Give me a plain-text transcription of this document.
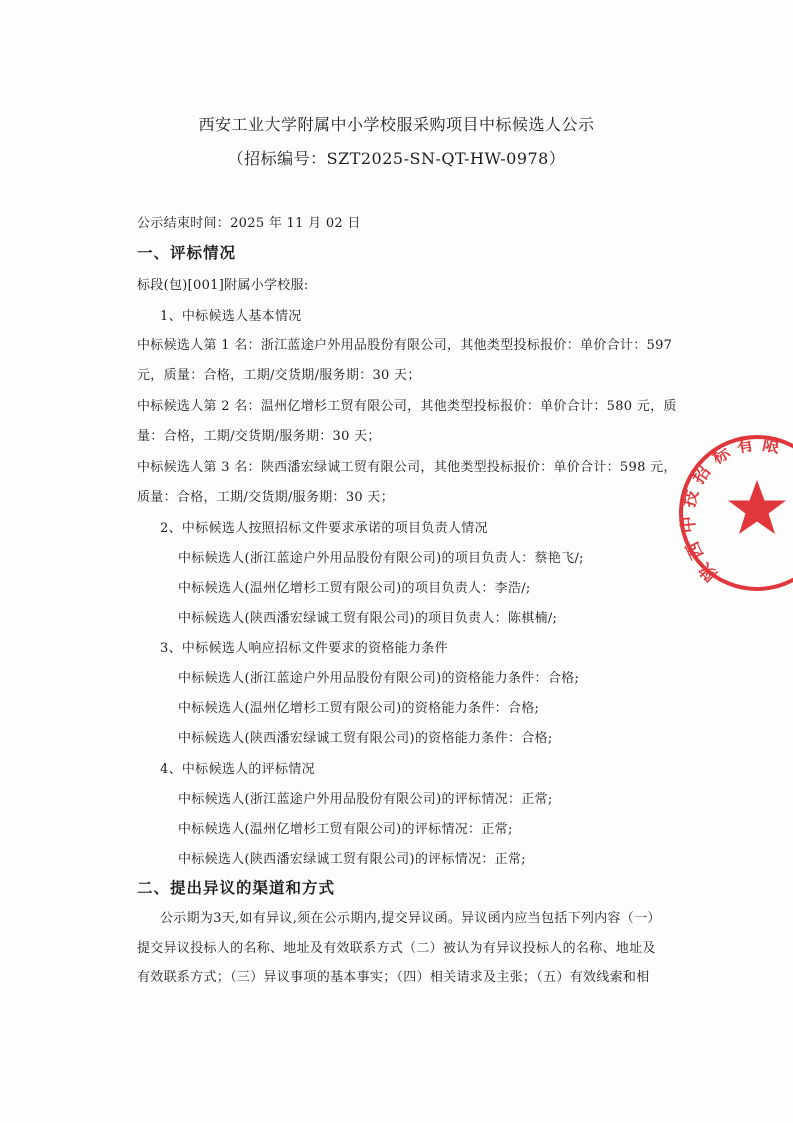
西安工业大学附属中小学校服采购项目中标候选人公示
（招标编号：SZT2025-SN-QT-HW-0978）
公示结束时间：2025 年 11 月 02 日
一、评标情况
标段(包)[001]附属小学校服:
1、中标候选人基本情况
中标候选人第 1 名：浙江蓝途户外用品股份有限公司，其他类型投标报价：单价合计：597
元，质量：合格，工期/交货期/服务期：30 天；
中标候选人第 2 名：温州亿增杉工贸有限公司，其他类型投标报价：单价合计：580 元，质
量：合格，工期/交货期/服务期：30 天；
中标候选人第 3 名：陕西潘宏绿诚工贸有限公司，其他类型投标报价：单价合计：598 元，
质量：合格，工期/交货期/服务期：30 天；
2、中标候选人按照招标文件要求承诺的项目负责人情况
中标候选人(浙江蓝途户外用品股份有限公司)的项目负责人：蔡艳飞/;
中标候选人(温州亿增杉工贸有限公司)的项目负责人：李浩/;
中标候选人(陕西潘宏绿诚工贸有限公司)的项目负责人：陈棋楠/;
3、中标候选人响应招标文件要求的资格能力条件
中标候选人(浙江蓝途户外用品股份有限公司)的资格能力条件：合格;
中标候选人(温州亿增杉工贸有限公司)的资格能力条件：合格;
中标候选人(陕西潘宏绿诚工贸有限公司)的资格能力条件：合格;
4、中标候选人的评标情况
中标候选人(浙江蓝途户外用品股份有限公司)的评标情况：正常;
中标候选人(温州亿增杉工贸有限公司)的评标情况：正常;
中标候选人(陕西潘宏绿诚工贸有限公司)的评标情况：正常;
二、提出异议的渠道和方式
公示期为3天,如有异议,须在公示期内,提交异议函。异议函内应当包括下列内容（一）
提交异议投标人的名称、地址及有效联系方式（二）被认为有异议投标人的名称、地址及
有效联系方式；（三）异议事项的基本事实；（四）相关请求及主张；（五）有效线索和相
陕
西
中
技
招
标 有 限
